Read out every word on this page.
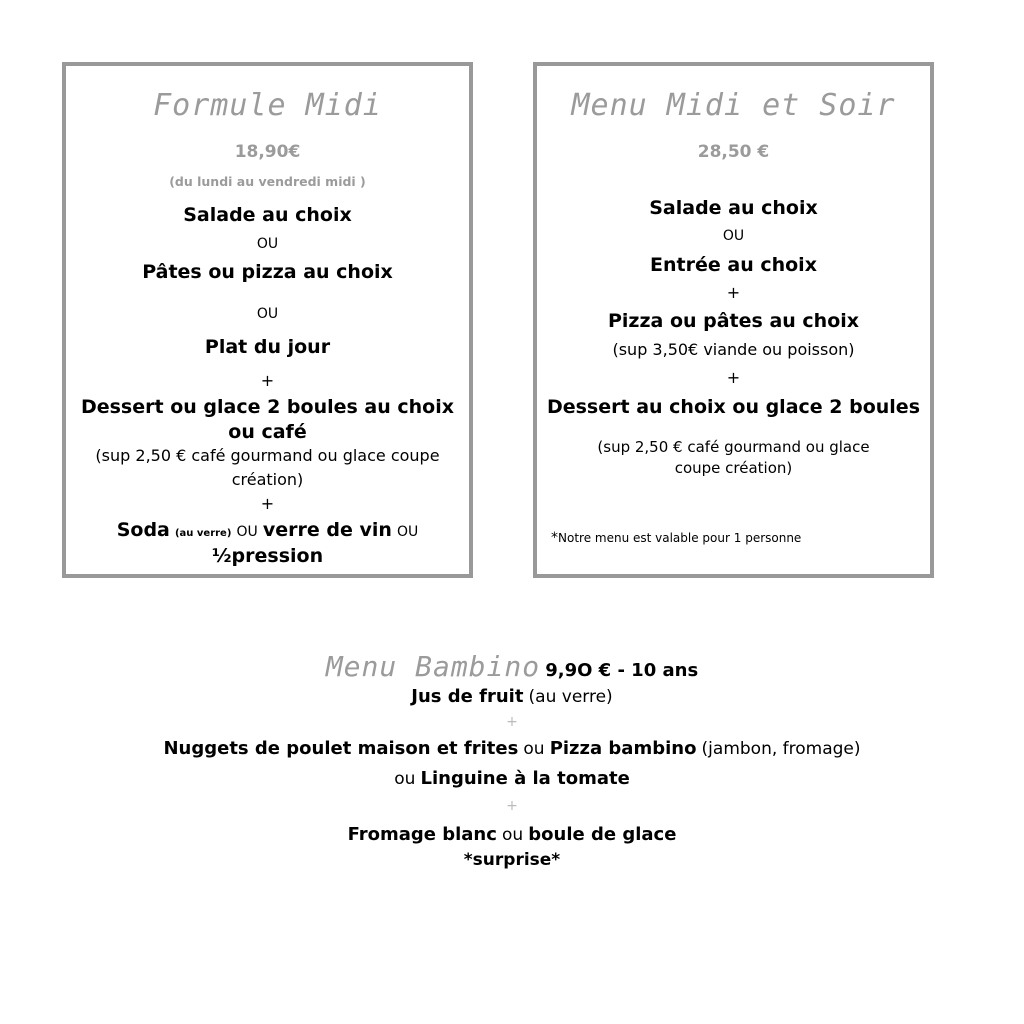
Formule Midi
18,90€
(du lundi au vendredi midi )
Salade au choix
OU
Pâtes ou pizza au choix
OU
Plat du jour
+
Dessert ou glace 2 boules au choix
ou café
(sup 2,50 € café gourmand ou glace coupe
création)
+
Soda (au verre) OU verre de vin OU
½pression
Menu Midi et Soir
28,50 €
Salade au choix
OU
Entrée au choix
+
Pizza ou pâtes au choix
(sup 3,50€ viande ou poisson)
+
Dessert au choix ou glace 2 boules
(sup 2,50 € café gourmand ou glace
coupe création)
*Notre menu est valable pour 1 personne
Menu Bambino 9,9O € - 10 ans
Jus de fruit (au verre)
+
Nuggets de poulet maison et frites ou Pizza bambino (jambon, fromage)
ou Linguine à la tomate
+
Fromage blanc ou boule de glace
*surprise*
